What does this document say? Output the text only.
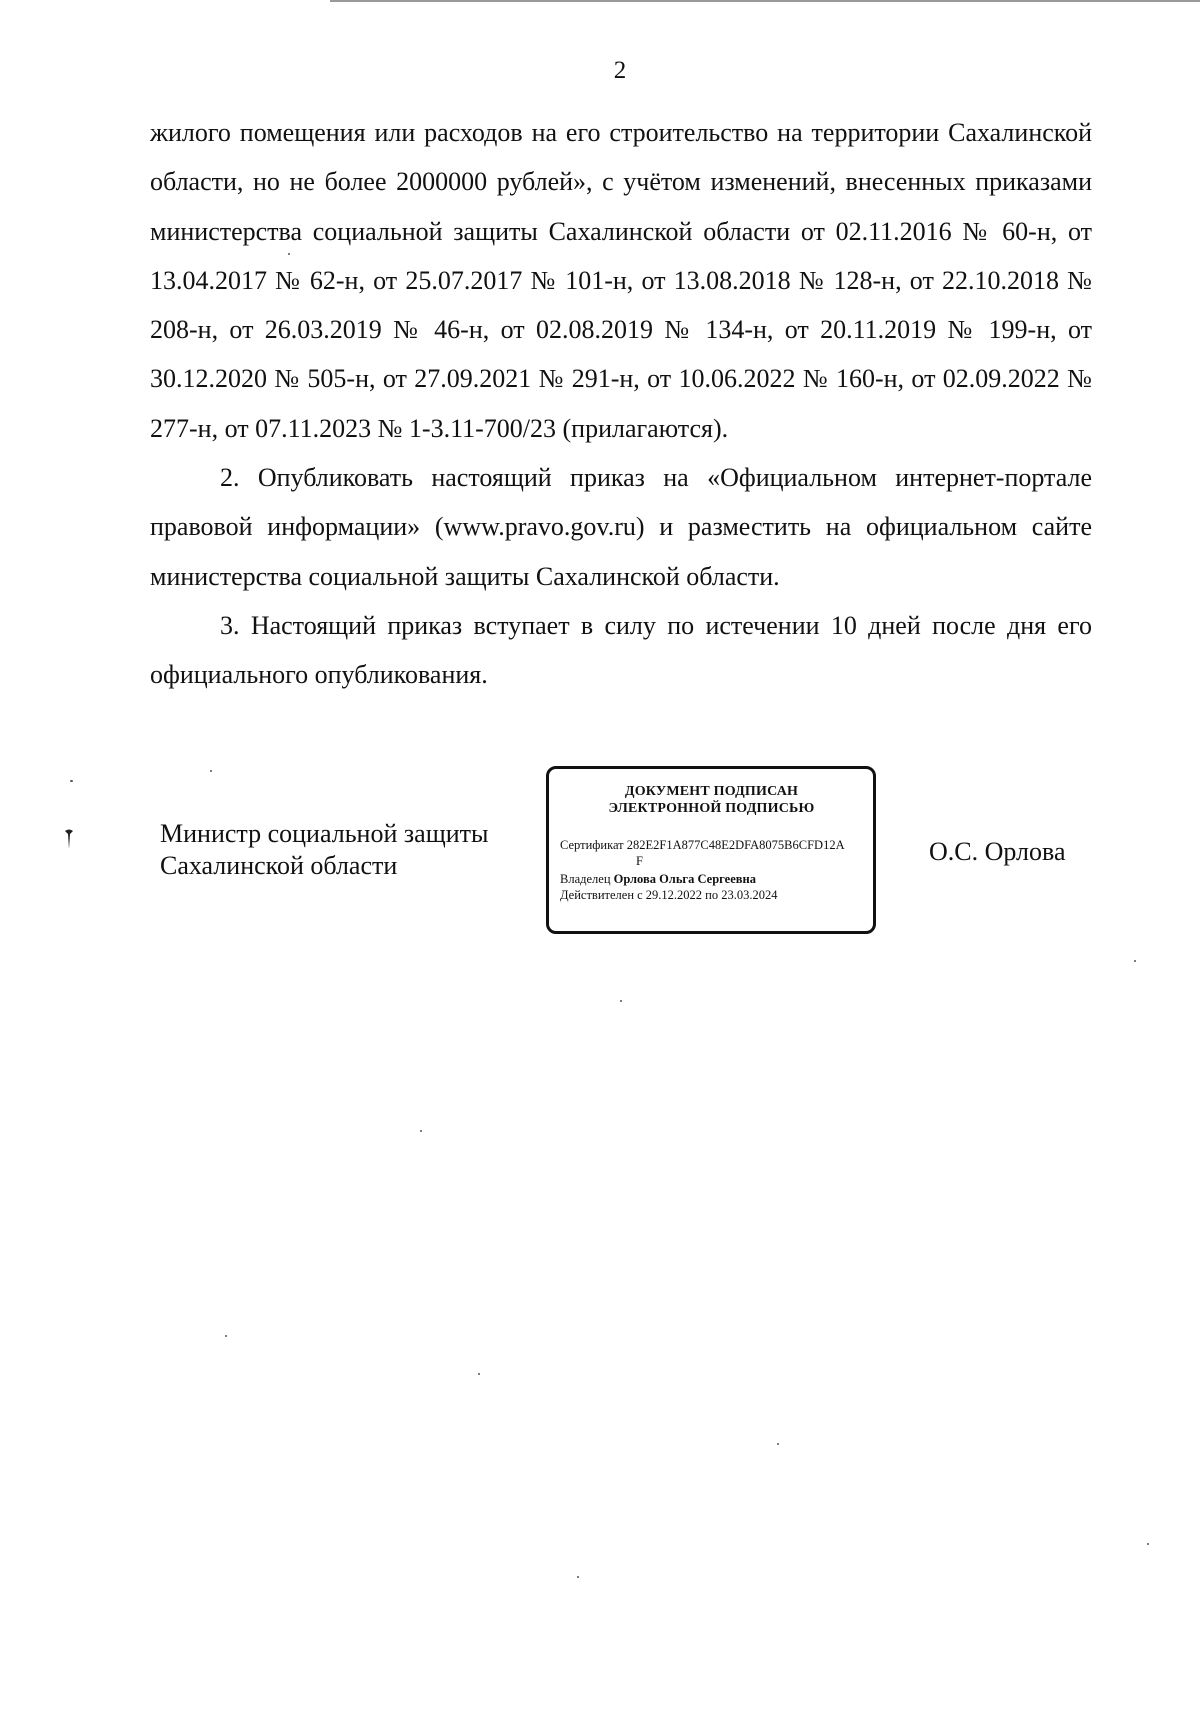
2

жилого помещения или расходов на его строительство на территории Сахалинской области, но не более 2000000 рублей», с учётом изменений, внесенных приказами министерства социальной защиты Сахалинской области от 02.11.2016 № 60-н, от 13.04.2017 № 62-н, от 25.07.2017 № 101-н, от 13.08.2018 № 128-н, от 22.10.2018 № 208-н, от 26.03.2019 № 46-н, от 02.08.2019 № 134-н, от 20.11.2019 № 199-н, от 30.12.2020 № 505-н, от 27.09.2021 № 291-н, от 10.06.2022 № 160-н, от 02.09.2022 № 277-н, от 07.11.2023 № 1-3.11-700/23 (прилагаются).

2. Опубликовать настоящий приказ на «Официальном интернет-портале правовой информации» (www.pravo.gov.ru) и разместить на официальном сайте министерства социальной защиты Сахалинской области.

3. Настоящий приказ вступает в силу по истечении 10 дней после дня его официального опубликования.

Министр социальной защиты
Сахалинской области
ДОКУМЕНТ ПОДПИСАН
ЭЛЕКТРОННОЙ ПОДПИСЬЮ
Сертификат 282E2F1A877C48E2DFA8075B6CFD12A
F
Владелец Орлова Ольга Сергеевна
Действителен с 29.12.2022 по 23.03.2024
О.С. Орлова
